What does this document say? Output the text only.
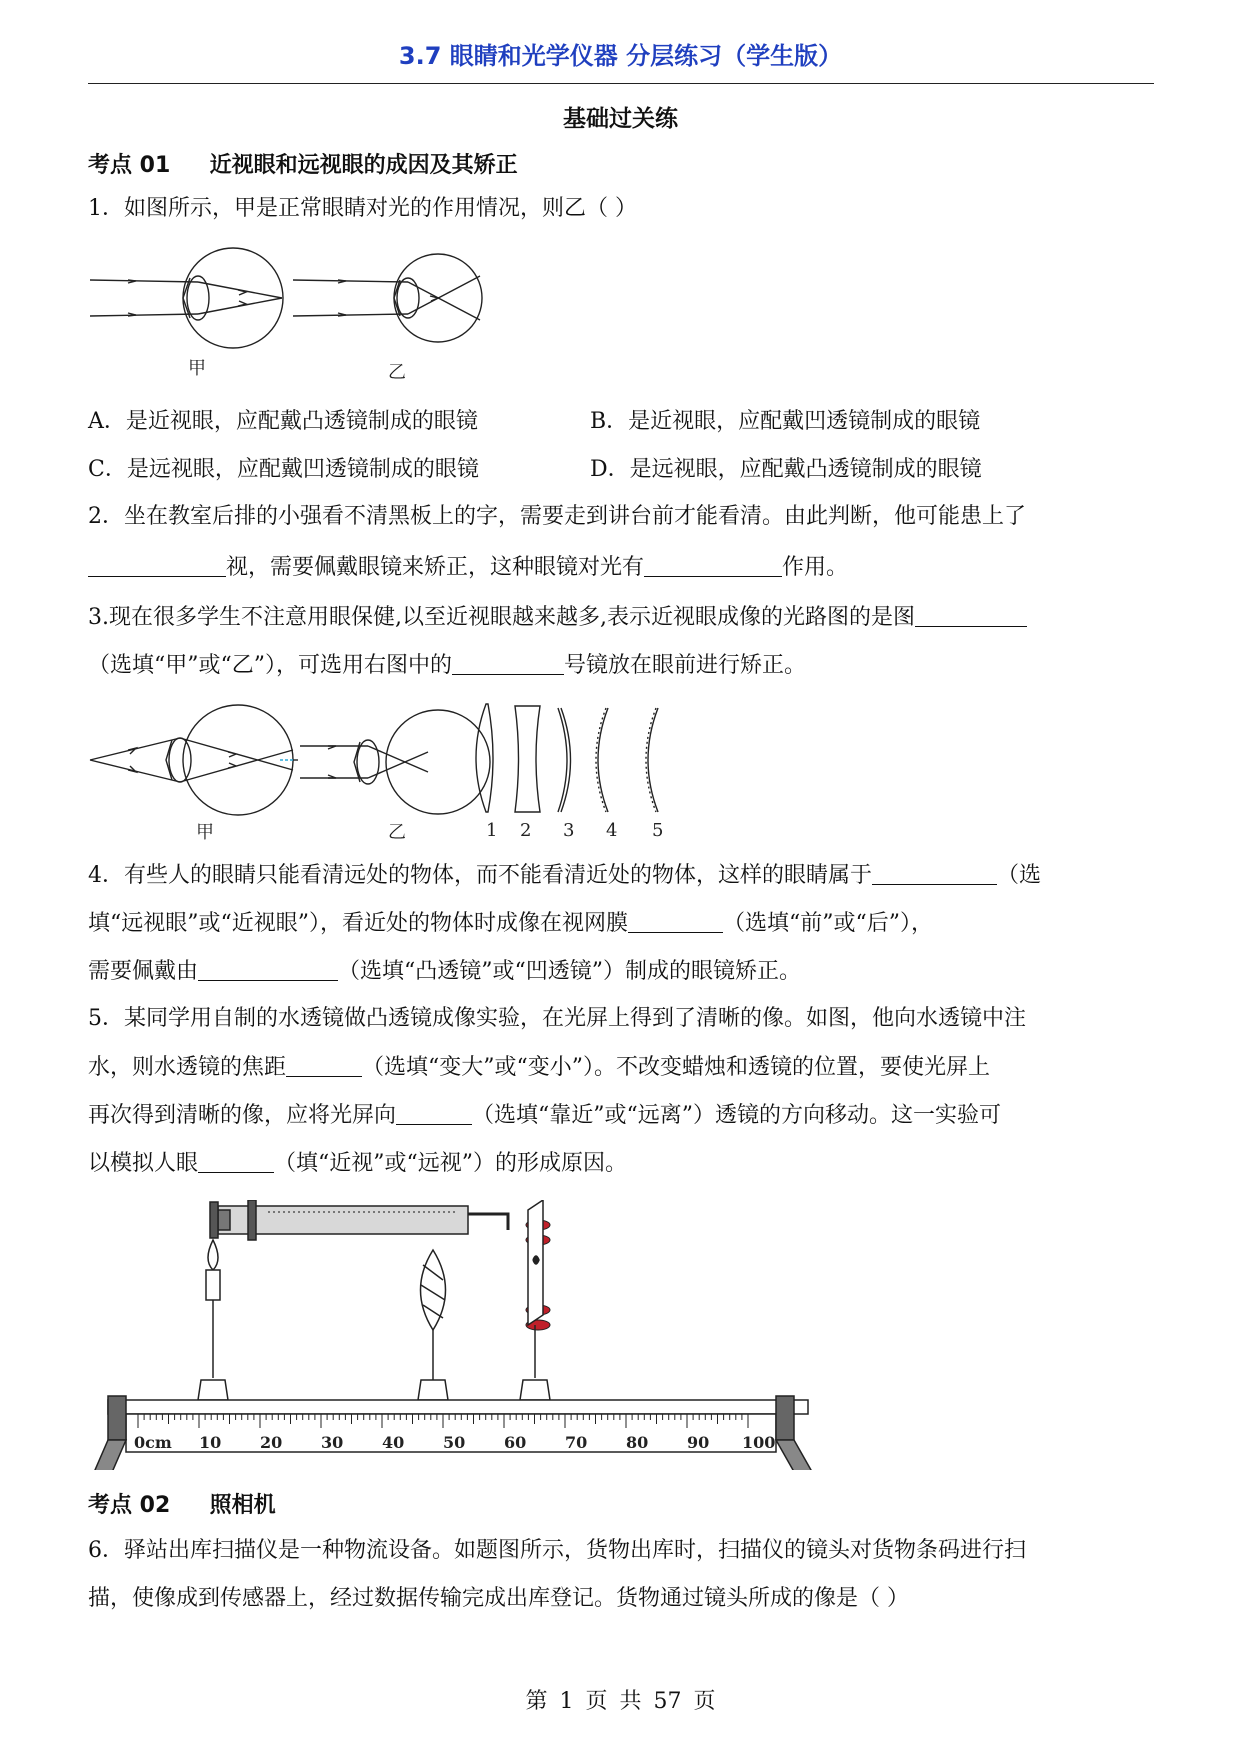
3.7 眼睛和光学仪器 分层练习（学生版）
基础过关练
考点 01 近视眼和远视眼的成因及其矫正
1．如图所示，甲是正常眼睛对光的作用情况，则乙（ ）
甲	乙
A．是近视眼，应配戴凸透镜制成的眼镜	B．是近视眼，应配戴凹透镜制成的眼镜
C．是远视眼，应配戴凹透镜制成的眼镜	D．是远视眼，应配戴凸透镜制成的眼镜
2．坐在教室后排的小强看不清黑板上的字，需要走到讲台前才能看清。由此判断，他可能患上了
视，需要佩戴眼镜来矫正，这种眼镜对光有	作用。
3.现在很多学生不注意用眼保健,以至近视眼越来越多,表示近视眼成像的光路图的是图
（选填“甲”或“乙”），可选用右图中的	号镜放在眼前进行矫正。
甲	乙	1 2 3 4 5
4．有些人的眼睛只能看清远处的物体，而不能看清近处的物体，这样的眼睛属于	（选
填“远视眼”或“近视眼”），看近处的物体时成像在视网膜	（选填“前”或“后”），
需要佩戴由	（选填“凸透镜”或“凹透镜”）制成的眼镜矫正。
5．某同学用自制的水透镜做凸透镜成像实验，在光屏上得到了清晰的像。如图，他向水透镜中注
水，则水透镜的焦距	（选填“变大”或“变小”）。不改变蜡烛和透镜的位置，要使光屏上
再次得到清晰的像，应将光屏向	（选填“靠近”或“远离”）透镜的方向移动。这一实验可
以模拟人眼	（填“近视”或“远视”）的形成原因。
0cm 10 20 30 40 50 60 70 80 90 100
考点 02 照相机
6．驿站出库扫描仪是一种物流设备。如题图所示，货物出库时，扫描仪的镜头对货物条码进行扫
描，使像成到传感器上，经过数据传输完成出库登记。货物通过镜头所成的像是（ ）
第 1 页 共 57 页
